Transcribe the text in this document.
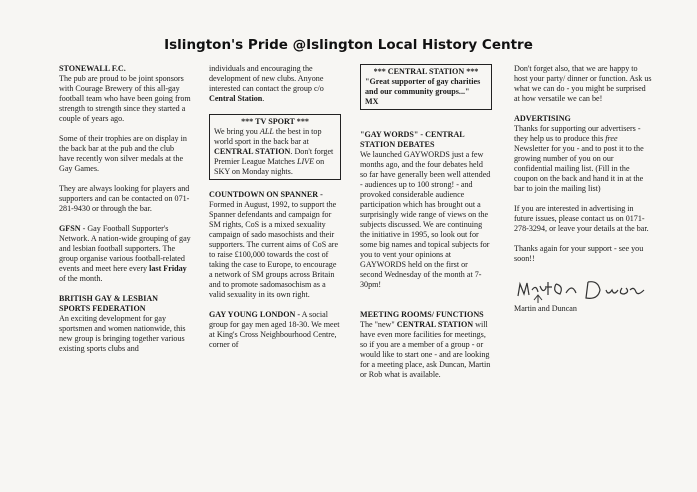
Islington's Pride @Islington Local History Centre

STONEWALL F.C.
The pub are proud to be joint sponsors with Courage Brewery of this all-gay football team who have been going from strength to strength since they started a couple of years ago.

Some of their trophies are on display in the back bar at the pub and the club have recently won silver medals at the Gay Games.

They are always looking for players and supporters and can be contacted on 071-281-9430 or through the bar.

GFSN - Gay Football Supporter's Network. A nation-wide grouping of gay and lesbian football supporters. The group organise various football-related events and meet here every last Friday of the month.

BRITISH GAY & LESBIAN SPORTS FEDERATION
An exciting development for gay sportsmen and women nationwide, this new group is bringing together various existing sports clubs and

individuals and encouraging the development of new clubs. Anyone interested can contact the group c/o Central Station.

*** TV SPORT ***
We bring you ALL the best in top world sport in the back bar at CENTRAL STATION. Don't forget Premier League Matches LIVE on SKY on Monday nights.

COUNTDOWN ON SPANNER - Formed in August, 1992, to support the Spanner defendants and campaign for SM rights, CoS is a mixed sexuality campaign of sado masochists and their supporters. The current aims of CoS are to raise £100,000 towards the cost of taking the case to Europe, to encourage a network of SM groups across Britain and to promote sadomasochism as a valid sexuality in its own right.

GAY YOUNG LONDON - A social group for gay men aged 18-30. We meet at King's Cross Neighbourhood Centre, corner of

*** CENTRAL STATION ***
"Great supporter of gay charities and our community groups..."
MX

"GAY WORDS" - CENTRAL STATION DEBATES
We launched GAYWORDS just a few months ago, and the four debates held so far have generally been well attended - audiences up to 100 strong! - and provoked considerable audience participation which has brought out a surprisingly wide range of views on the subjects discussed. We are continuing the initiative in 1995, so look out for some big names and topical subjects for you to vent your opinions at GAYWORDS held on the first or second Wednesday of the month at 7-30pm!

MEETING ROOMS/ FUNCTIONS
The "new" CENTRAL STATION will have even more facilities for meetings, so if you are a member of a group - or would like to start one - and are looking for a meeting place, ask Duncan, Martin or Rob what is available.

Don't forget also, that we are happy to host your party/ dinner or function. Ask us what we can do - you might be surprised at how versatile we can be!

ADVERTISING
Thanks for supporting our advertisers - they help us to produce this free Newsletter for you - and to post it to the growing number of you on our confidential mailing list. (Fill in the coupon on the back and hand it in at the bar to join the mailing list)

If you are interested in advertising in future issues, please contact us on 0171-278-3294, or leave your details at the bar.

Thanks again for your support - see you soon!!

Martin and Duncan
